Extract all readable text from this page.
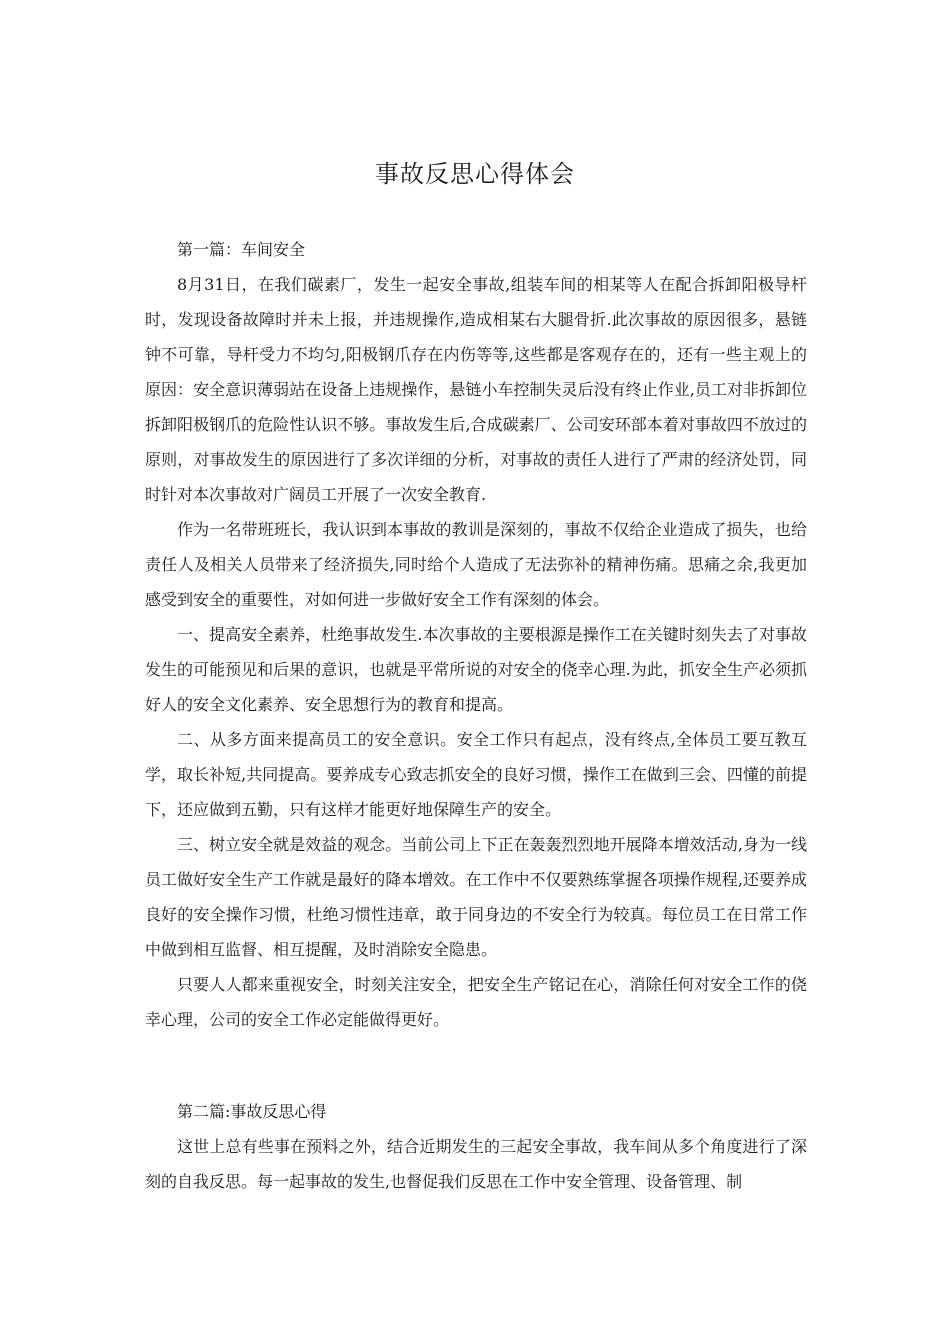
事故反思心得体会

第一篇：车间安全

8月31日，在我们碳素厂，发生一起安全事故,组装车间的相某等人在配合拆卸阳极导杆时，发现设备故障时并未上报，并违规操作,造成相某右大腿骨折.此次事故的原因很多，悬链钟不可靠，导杆受力不均匀,阳极钢爪存在内伤等等,这些都是客观存在的，还有一些主观上的原因：安全意识薄弱站在设备上违规操作，悬链小车控制失灵后没有终止作业,员工对非拆卸位拆卸阳极钢爪的危险性认识不够。事故发生后,合成碳素厂、公司安环部本着对事故四不放过的原则，对事故发生的原因进行了多次详细的分析，对事故的责任人进行了严肃的经济处罚，同时针对本次事故对广阔员工开展了一次安全教育.

作为一名带班班长，我认识到本事故的教训是深刻的，事故不仅给企业造成了损失，也给责任人及相关人员带来了经济损失,同时给个人造成了无法弥补的精神伤痛。思痛之余,我更加感受到安全的重要性，对如何进一步做好安全工作有深刻的体会。

一、提高安全素养，杜绝事故发生.本次事故的主要根源是操作工在关键时刻失去了对事故发生的可能预见和后果的意识，也就是平常所说的对安全的侥幸心理.为此，抓安全生产必须抓好人的安全文化素养、安全思想行为的教育和提高。

二、从多方面来提高员工的安全意识。安全工作只有起点，没有终点,全体员工要互教互学，取长补短,共同提高。要养成专心致志抓安全的良好习惯，操作工在做到三会、四懂的前提下，还应做到五勤，只有这样才能更好地保障生产的安全。

三、树立安全就是效益的观念。当前公司上下正在轰轰烈烈地开展降本增效活动,身为一线员工做好安全生产工作就是最好的降本增效。在工作中不仅要熟练掌握各项操作规程,还要养成良好的安全操作习惯，杜绝习惯性违章，敢于同身边的不安全行为较真。每位员工在日常工作中做到相互监督、相互提醒，及时消除安全隐患。

只要人人都来重视安全，时刻关注安全，把安全生产铭记在心，消除任何对安全工作的侥幸心理，公司的安全工作必定能做得更好。

第二篇:事故反思心得

这世上总有些事在预料之外，结合近期发生的三起安全事故，我车间从多个角度进行了深刻的自我反思。每一起事故的发生,也督促我们反思在工作中安全管理、设备管理、制
